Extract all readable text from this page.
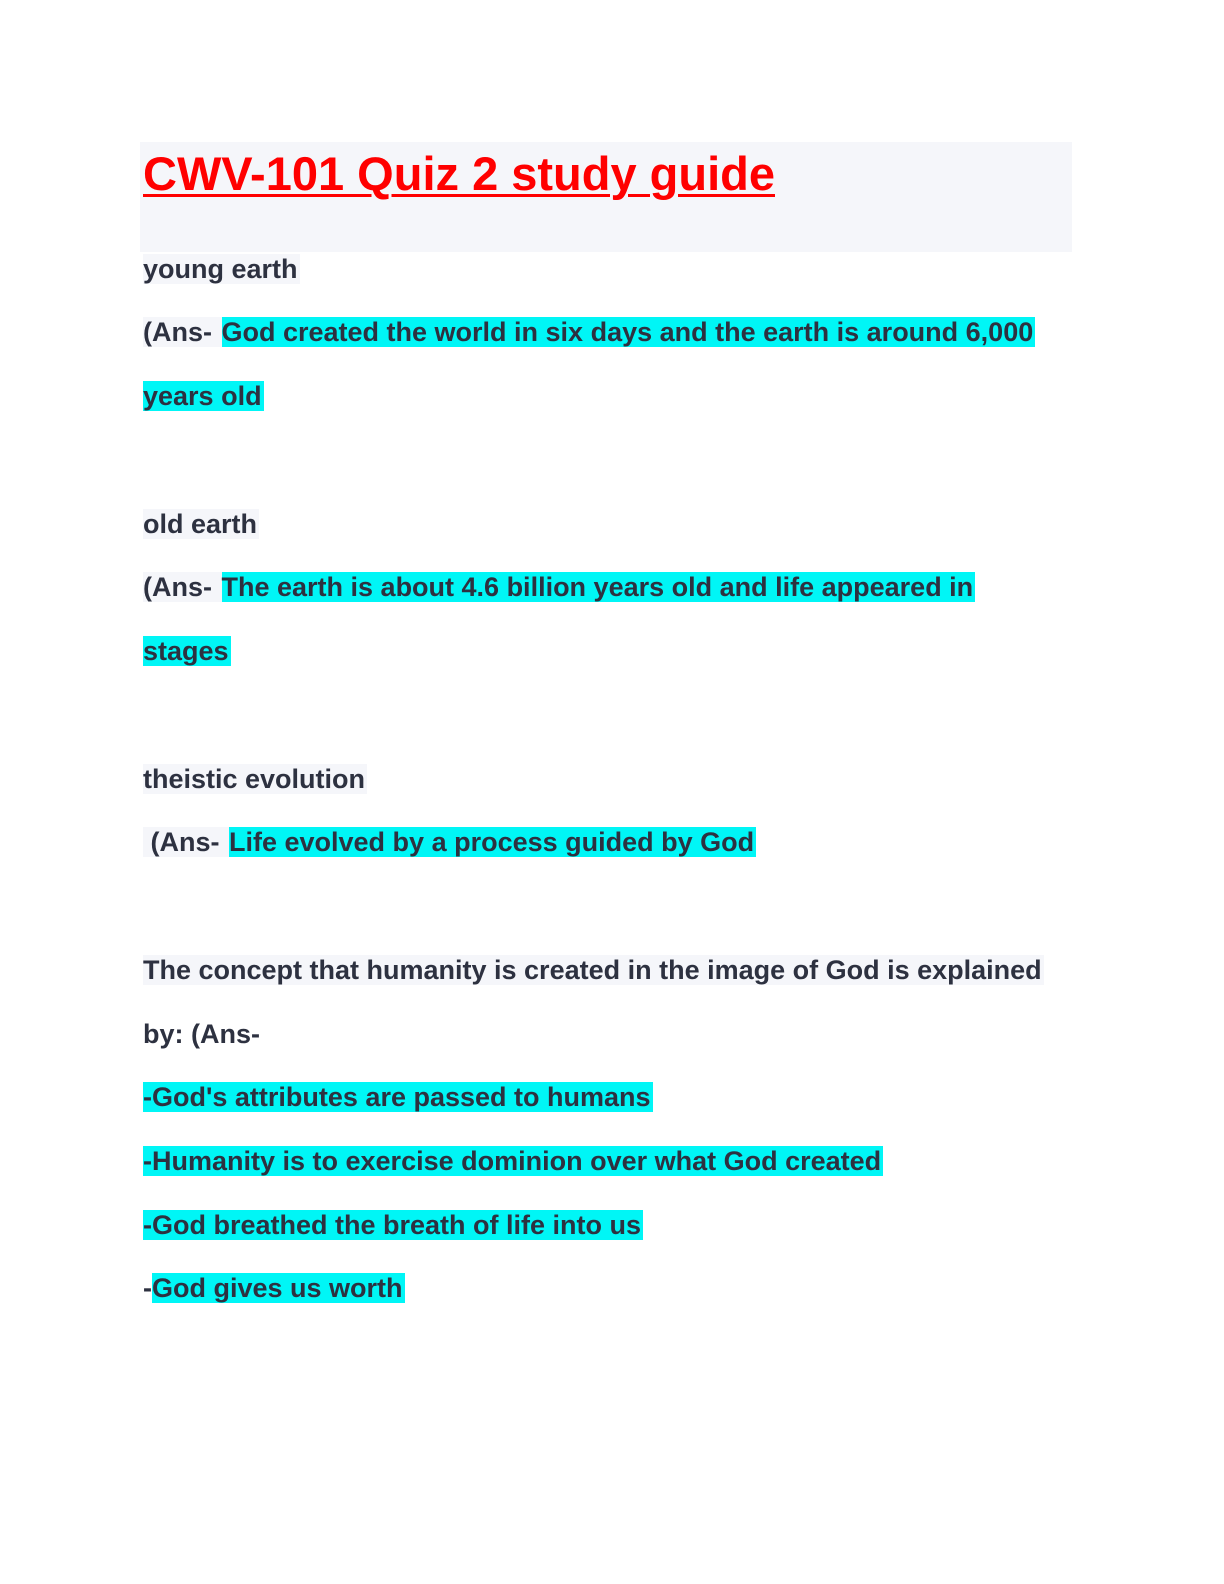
CWV-101 Quiz 2 study guide
young earth
(Ans- God created the world in six days and the earth is around 6,000
years old
old earth
(Ans- The earth is about 4.6 billion years old and life appeared in
stages
theistic evolution
(Ans- Life evolved by a process guided by God
The concept that humanity is created in the image of God is explained
by: (Ans-
-God's attributes are passed to humans
-Humanity is to exercise dominion over what God created
-God breathed the breath of life into us
-God gives us worth
